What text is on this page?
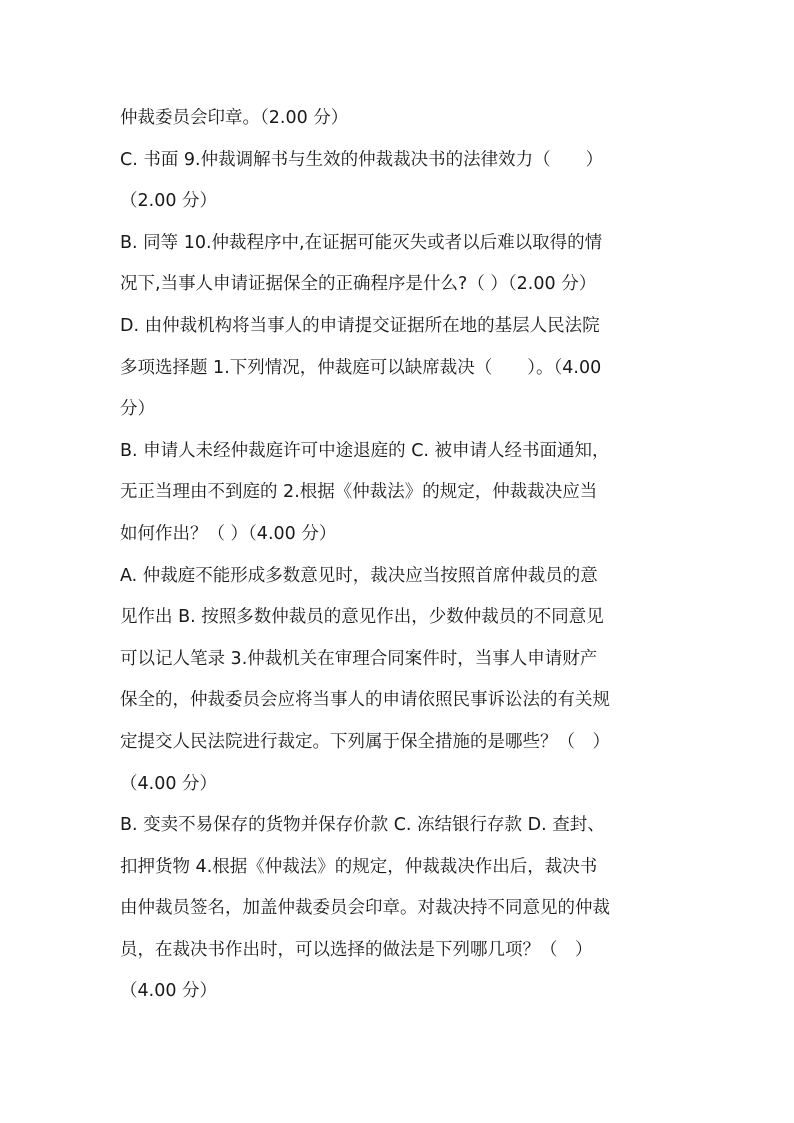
仲裁委员会印章。（2.00 分）
C. 书面 9.仲裁调解书与生效的仲裁裁决书的法律效力（　　）
（2.00 分）
B. 同等 10.仲裁程序中,在证据可能灭失或者以后难以取得的情
况下,当事人申请证据保全的正确程序是什么?（ ）（2.00 分）
D. 由仲裁机构将当事人的申请提交证据所在地的基层人民法院
多项选择题 1.下列情况，仲裁庭可以缺席裁决（　　）。（4.00
分）
B. 申请人未经仲裁庭许可中途退庭的 C. 被申请人经书面通知，
无正当理由不到庭的 2.根据《仲裁法》的规定，仲裁裁决应当
如何作出？（ ）（4.00 分）
A. 仲裁庭不能形成多数意见时，裁决应当按照首席仲裁员的意
见作出 B. 按照多数仲裁员的意见作出，少数仲裁员的不同意见
可以记人笔录 3.仲裁机关在审理合同案件时，当事人申请财产
保全的，仲裁委员会应将当事人的申请依照民事诉讼法的有关规
定提交人民法院进行裁定。下列属于保全措施的是哪些？（　）
（4.00 分）
B. 变卖不易保存的货物并保存价款 C. 冻结银行存款 D. 查封、
扣押货物 4.根据《仲裁法》的规定，仲裁裁决作出后，裁决书
由仲裁员签名，加盖仲裁委员会印章。对裁决持不同意见的仲裁
员，在裁决书作出时，可以选择的做法是下列哪几项？（　）
（4.00 分）
